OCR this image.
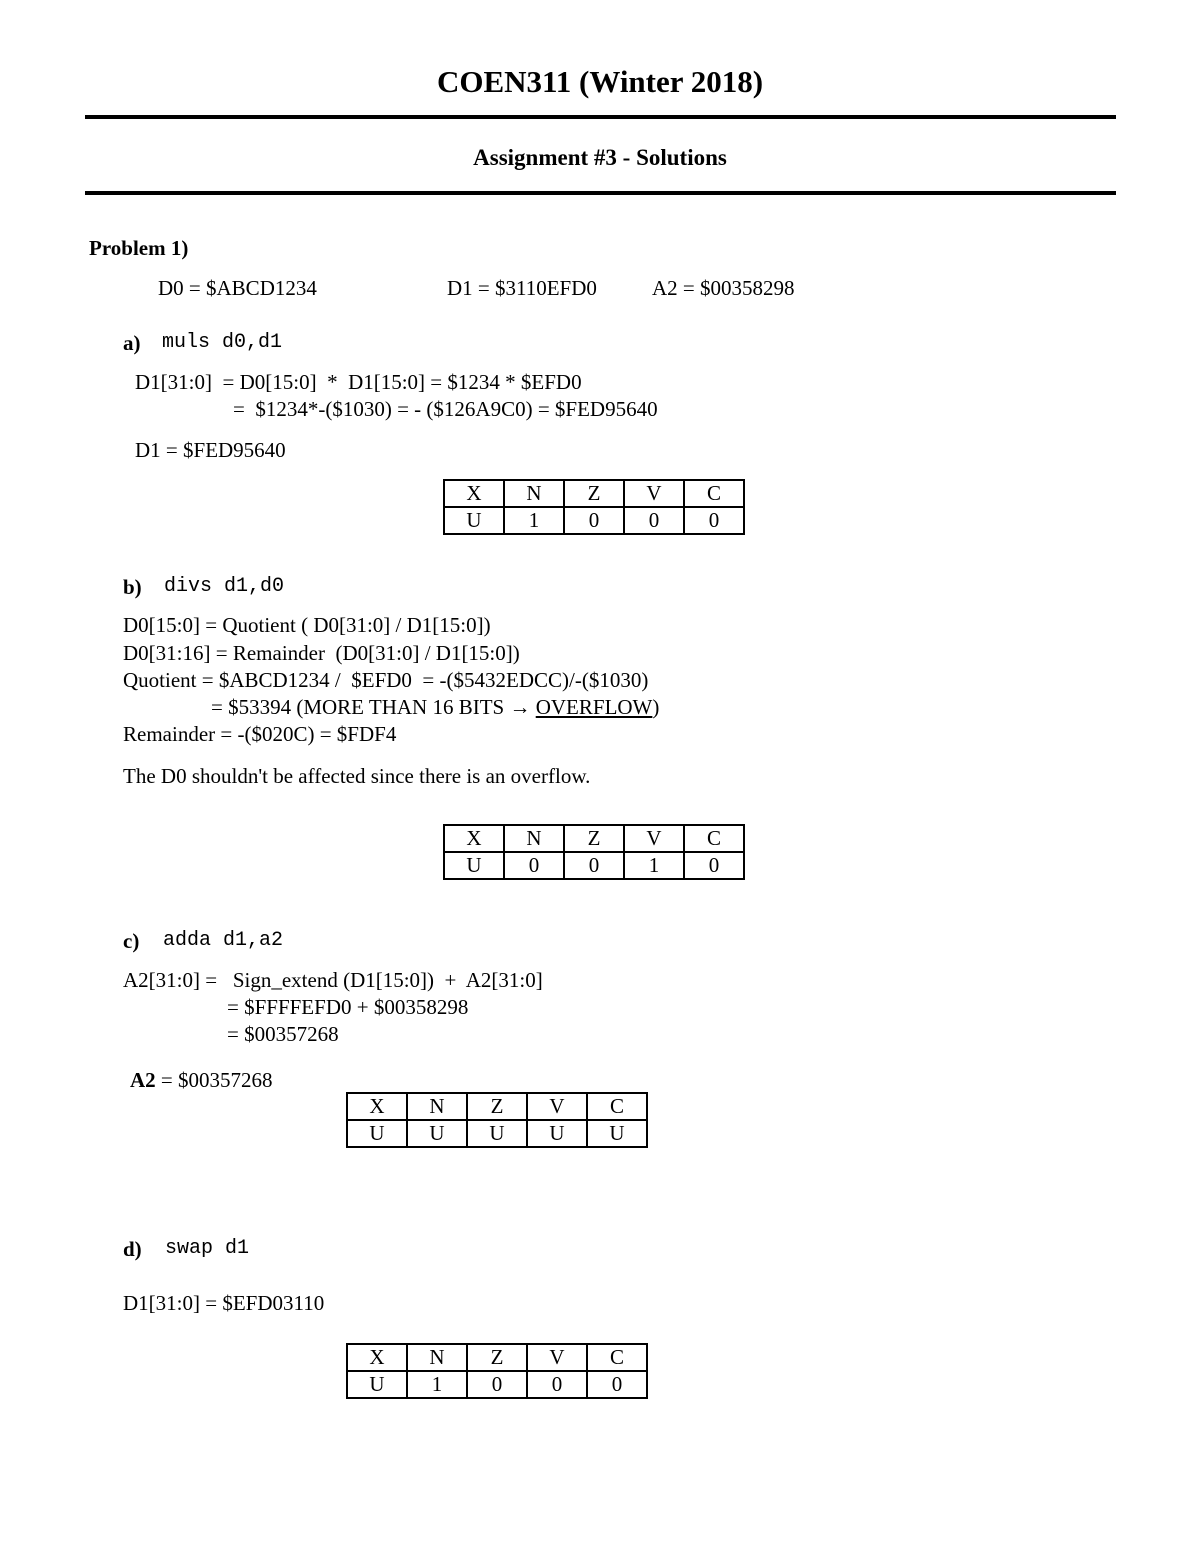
COEN311 (Winter 2018)
Assignment #3 - Solutions
Problem 1)
D0 = $ABCD1234	D1 = $3110EFD0	A2 = $00358298
a) muls d0,d1
D1[31:0]  = D0[15:0]  *  D1[15:0] = $1234 * $EFD0
=  $1234*-($1030) = - ($126A9C0) = $FED95640
D1 = $FED95640
X	N	Z	V	C
U	1	0	0	0
b) divs d1,d0
D0[15:0] = Quotient ( D0[31:0] / D1[15:0])
D0[31:16] = Remainder  (D0[31:0] / D1[15:0])
Quotient = $ABCD1234 /  $EFD0  = -($5432EDCC)/-($1030)
= $53394 (MORE THAN 16 BITS → OVERFLOW)
Remainder = -($020C) = $FDF4
The D0 shouldn't be affected since there is an overflow.
X	N	Z	V	C
U	0	0	1	0
c) adda d1,a2
A2[31:0] =   Sign_extend (D1[15:0])  +  A2[31:0]
= $FFFFEFD0 + $00358298
= $00357268
A2 = $00357268
X	N	Z	V	C
U	U	U	U	U
d) swap d1
D1[31:0] = $EFD03110
X	N	Z	V	C
U	1	0	0	0
